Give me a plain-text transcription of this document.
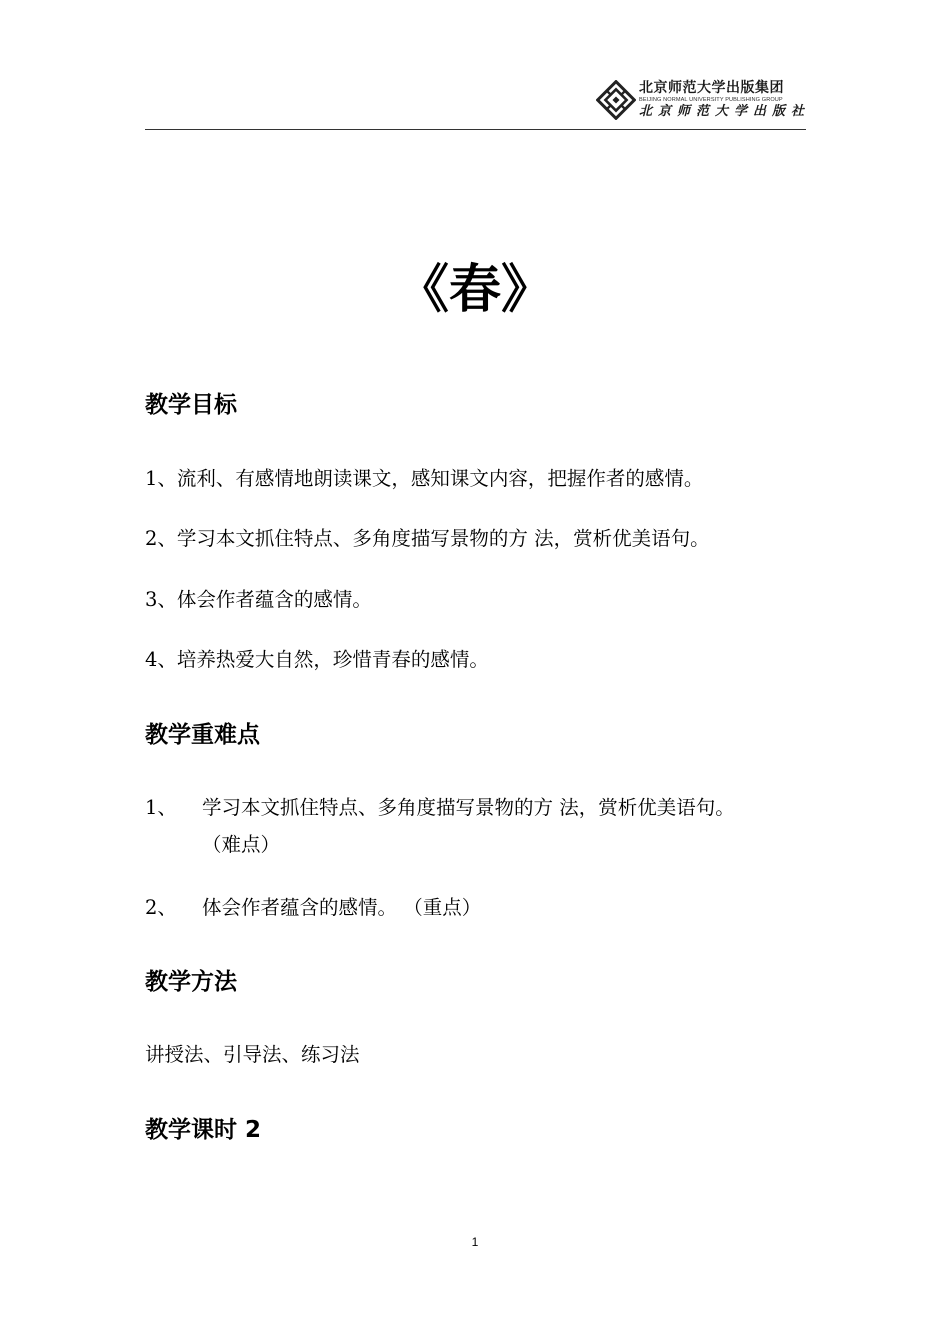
北京师范大学出版集团
BEIJING NORMAL UNIVERSITY PUBLISHING GROUP
北京师范大学出版社
《春》
教学目标
1、流利、有感情地朗读课文，感知课文内容，把握作者的感情。
2、学习本文抓住特点、多角度描写景物的方 法，赏析优美语句。
3、体会作者蕴含的感情。
4、培养热爱大自然，珍惜青春的感情。
教学重难点
1、 学习本文抓住特点、多角度描写景物的方 法，赏析优美语句。
（难点）
2、 体会作者蕴含的感情。 （重点）
教学方法
讲授法、引导法、练习法
教学课时 2
1
